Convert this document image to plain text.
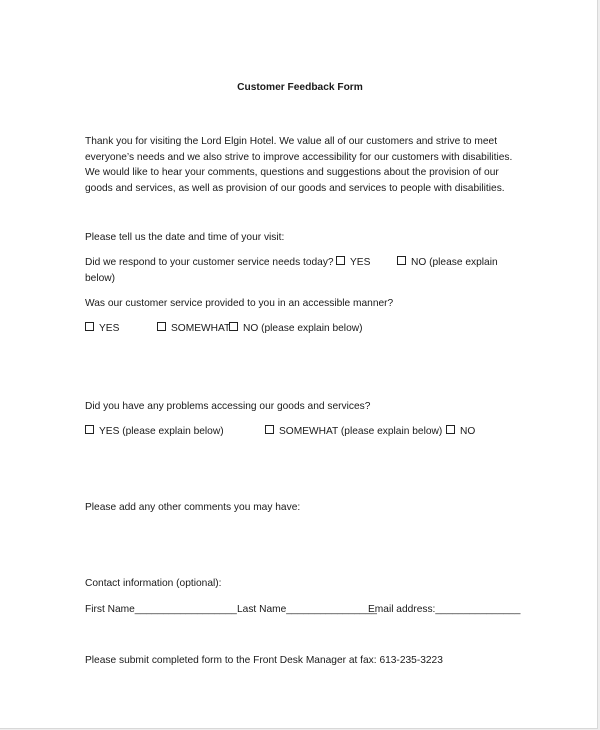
Customer Feedback Form
Thank you for visiting the Lord Elgin Hotel. We value all of our customers and strive to meet
everyone’s needs and we also strive to improve accessibility for our customers with disabilities.
We would like to hear your comments, questions and suggestions about the provision of our
goods and services, as well as provision of our goods and services to people with disabilities.
Please tell us the date and time of your visit:
Did we respond to your customer service needs today?	YES	NO (please explain
below)
Was our customer service provided to you in an accessible manner?
YES	SOMEWHAT	NO (please explain below)
Did you have any problems accessing our goods and services?
YES (please explain below)	SOMEWHAT (please explain below)	NO
Please add any other comments you may have:
Contact information (optional):
First Name__________________ Last Name________________
Email address:_______________
Please submit completed form to the Front Desk Manager at fax: 613-235-3223
